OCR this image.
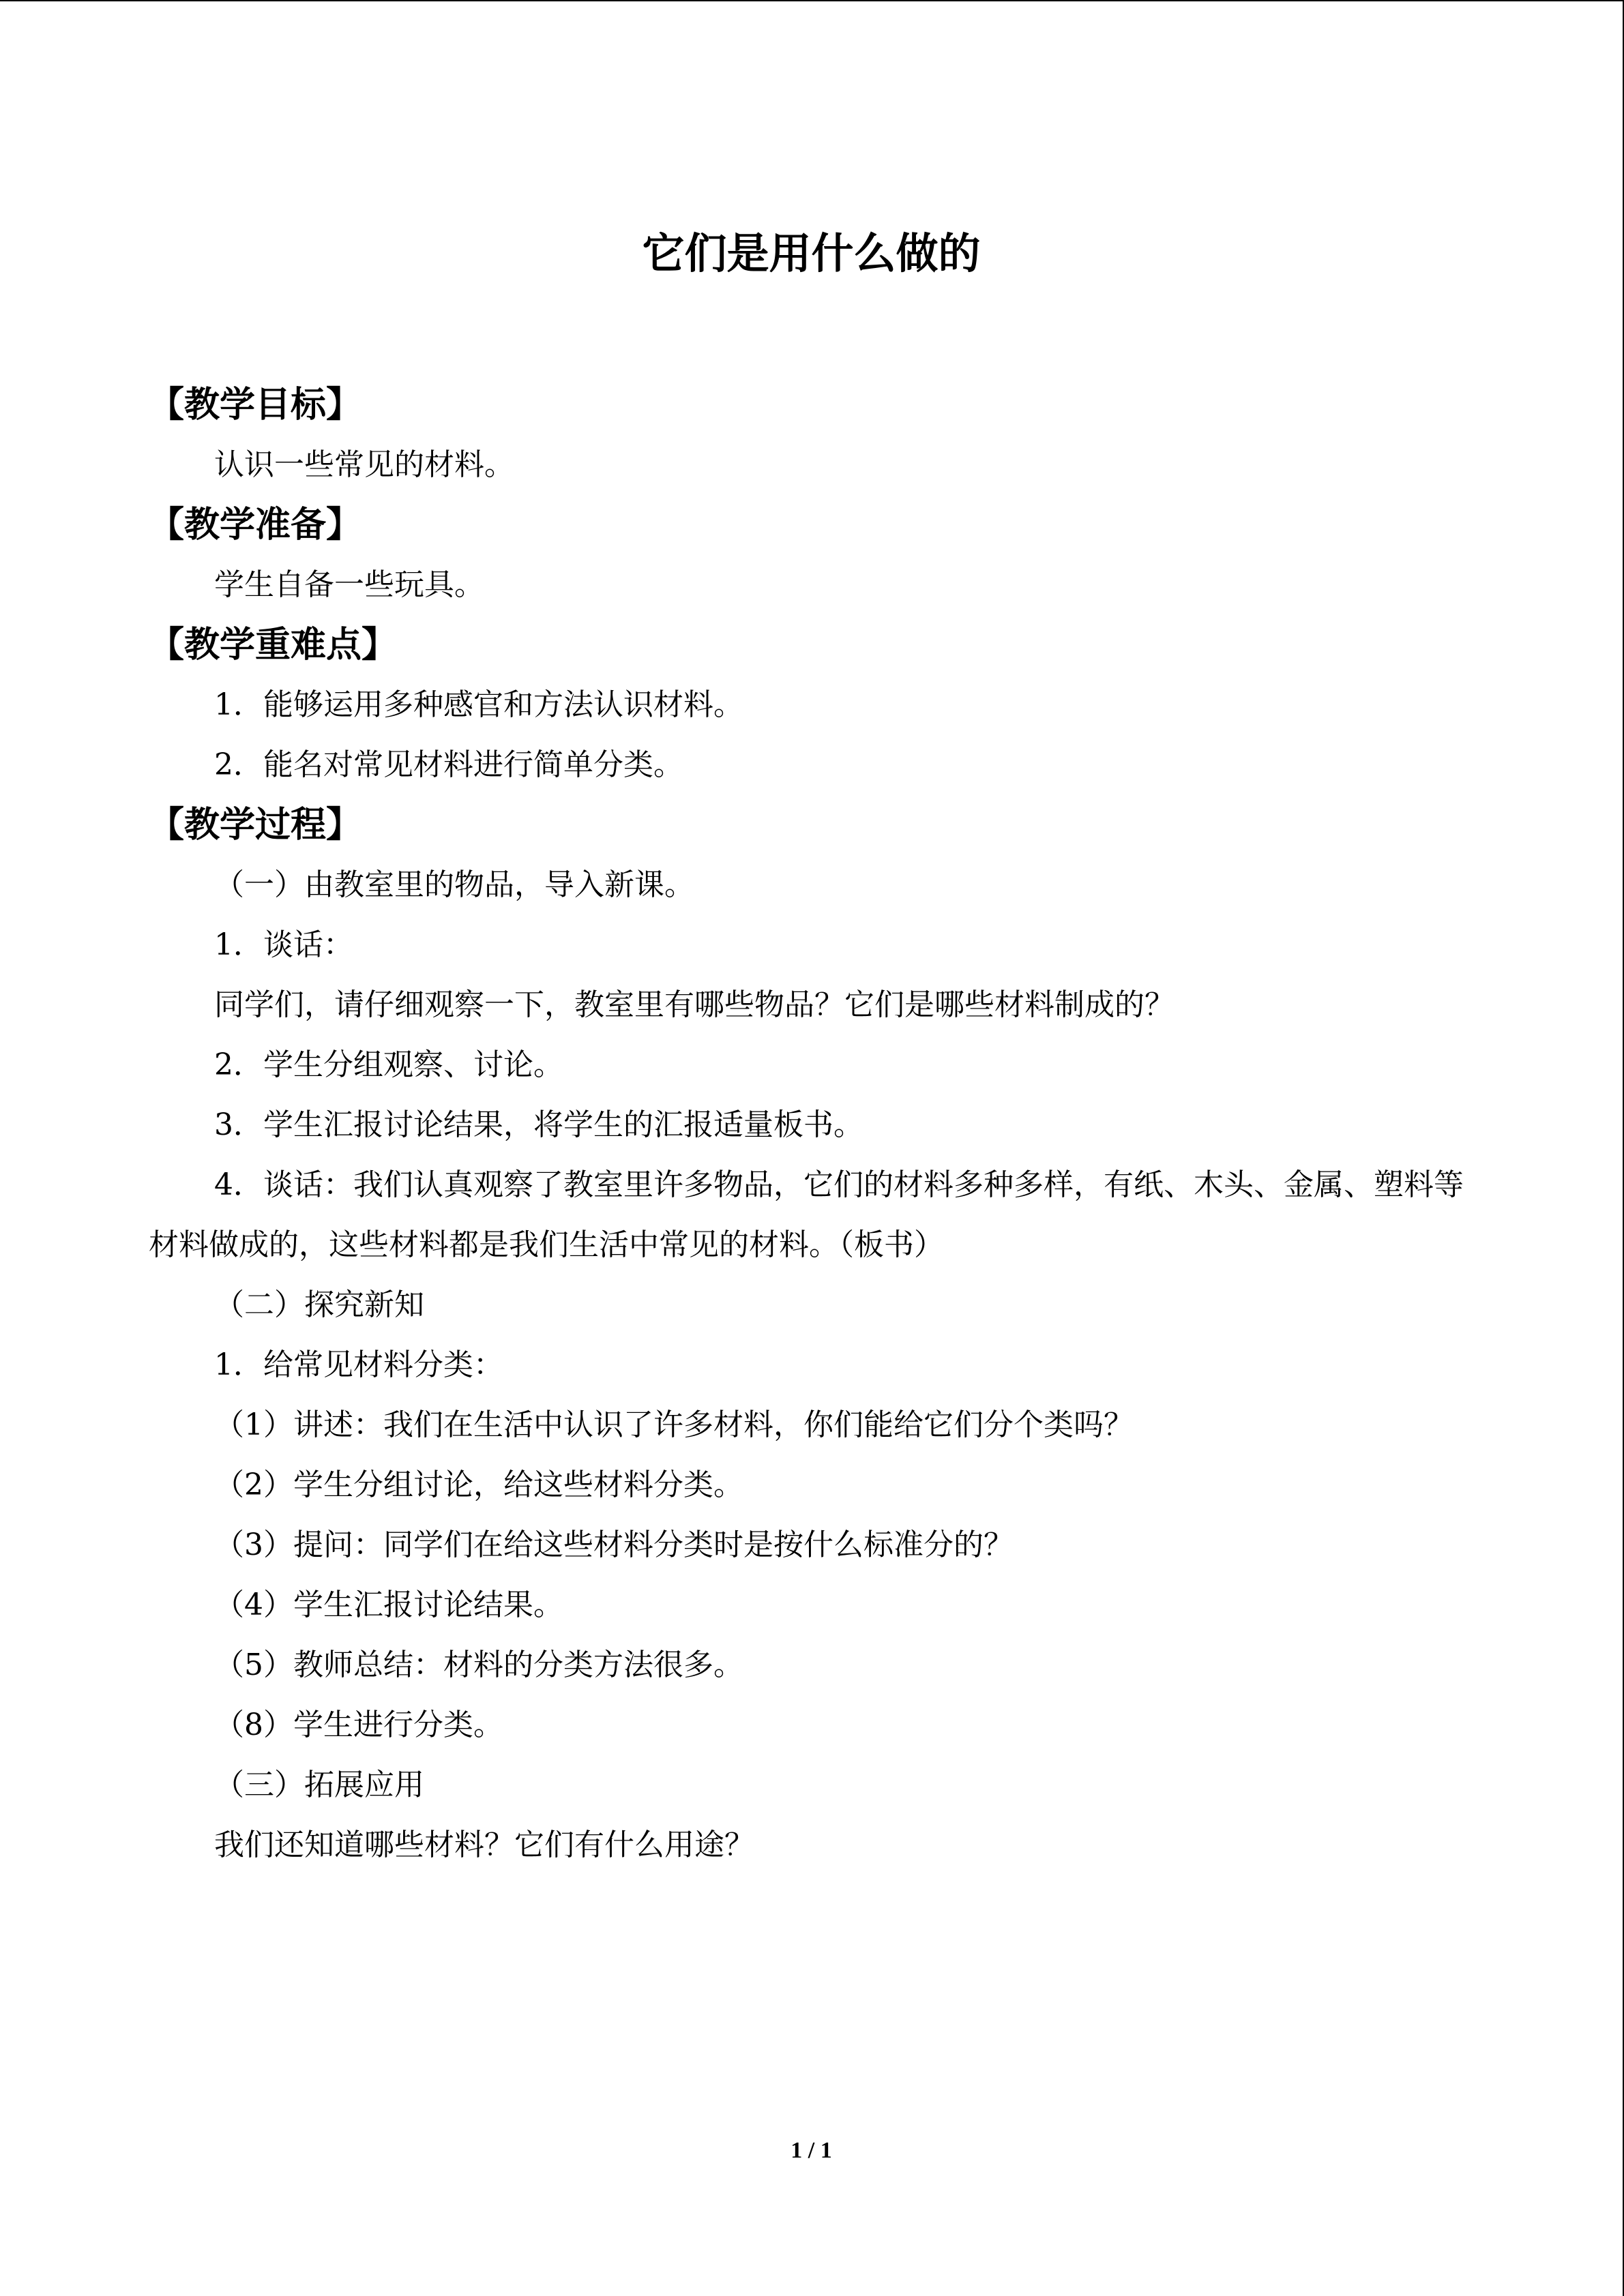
它们是用什么做的
【教学目标】

认识一些常见的材料。

【教学准备】

学生自备一些玩具。

【教学重难点】

1．能够运用多种感官和方法认识材料。

2．能名对常见材料进行简单分类。

【教学过程】

（一）由教室里的物品，导入新课。

1．谈话：

同学们，请仔细观察一下，教室里有哪些物品？它们是哪些材料制成的？

2．学生分组观察、讨论。

3．学生汇报讨论结果，将学生的汇报适量板书。

4．谈话：我们认真观察了教室里许多物品，它们的材料多种多样，有纸、木头、金属、塑料等材料做成的，这些材料都是我们生活中常见的材料。（板书）

（二）探究新知

1．给常见材料分类：

（1）讲述：我们在生活中认识了许多材料，你们能给它们分个类吗？

（2）学生分组讨论，给这些材料分类。

（3）提问：同学们在给这些材料分类时是按什么标准分的？

（4）学生汇报讨论结果。

（5）教师总结：材料的分类方法很多。

（8）学生进行分类。

（三）拓展应用

我们还知道哪些材料？它们有什么用途？

1 / 1
